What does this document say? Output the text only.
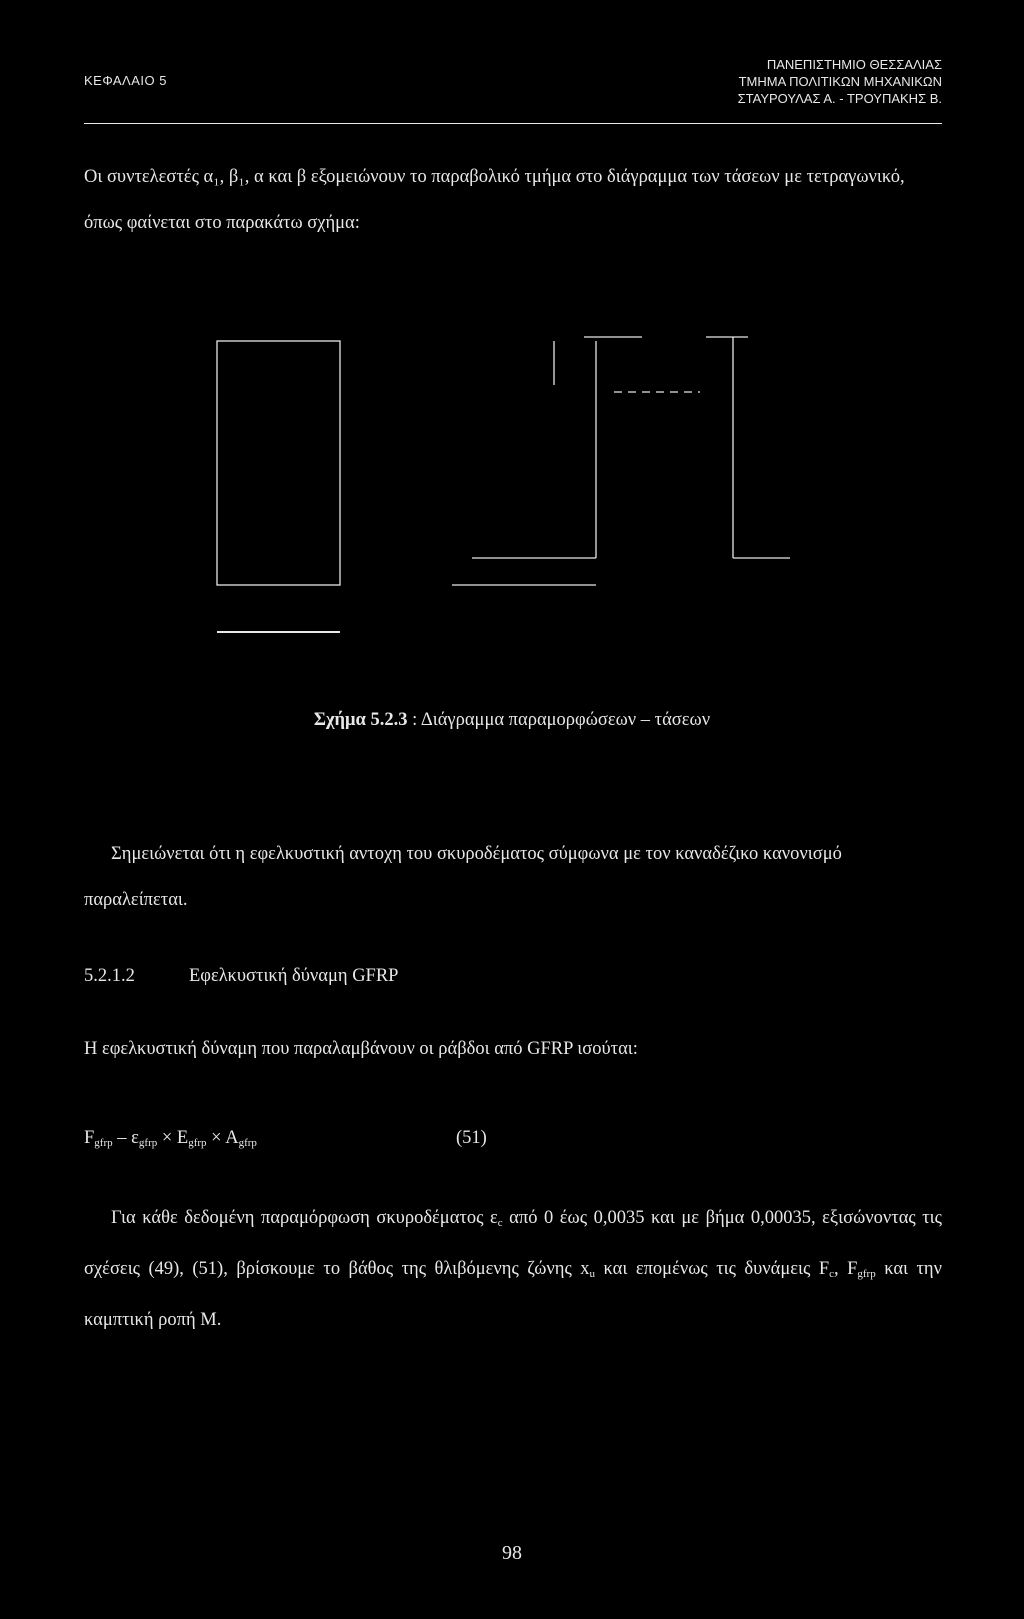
ΚΕΦΑΛΑΙΟ 5
ΠΑΝΕΠΙΣΤΗΜΙΟ ΘΕΣΣΑΛΙΑΣ
ΤΜΗΜΑ ΠΟΛΙΤΙΚΩΝ ΜΗΧΑΝΙΚΩΝ
ΣΤΑΥΡΟΥΛΑΣ Α. - ΤΡΟΥΠΑΚΗΣ Β.
Οι συντελεστές α₁, β₁, α και β εξομειώνουν το παραβολικό τμήμα στο διάγραμμα των τάσεων με τετραγωνικό, όπως φαίνεται στο παρακάτω σχήμα:
Σχήμα 5.2.3 : Διάγραμμα παραμορφώσεων – τάσεων
Σημειώνεται ότι η εφελκυστική αντοχη του σκυροδέματος σύμφωνα με τον καναδέζικο κανονισμό παραλείπεται.
5.2.1.2	Εφελκυστική δύναμη GFRP
Η εφελκυστική δύναμη που παραλαμβάνουν οι ράβδοι από GFRP ισούται:
$F_{gfrp} - \varepsilon_{gfrp} \times E_{gfrp} \times A_{gfrp}$	(51)
Για κάθε δεδομένη παραμόρφωση σκυροδέματος $\varepsilon_c$ από 0 έως 0,0035 και με βήμα 0,00035, εξισώνοντας τις σχέσεις (49), (51), βρίσκουμε το βάθος της θλιβόμενης ζώνης $x_u$ και επομένως τις δυνάμεις $F_c$, $F_{gfrp}$ και την καμπτική ροπή M.
98
